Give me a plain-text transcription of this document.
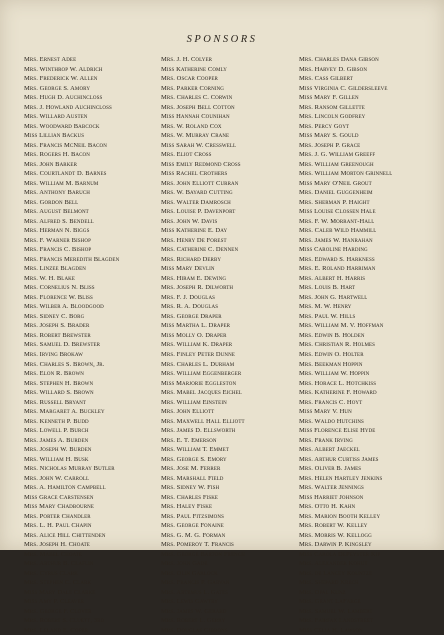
SPONSORS
Mrs. Ernest Adee
Mrs. Winthrop W. Aldrich
Mrs. Frederick W. Allen
Mrs. George S. Amory
Mrs. Hugh D. Auchincloss
Mrs. J. Howland Auchincloss
Mrs. Willard Austen
Mrs. Woodward Babcock
Miss Lillian Backus
Mrs. Francis McNeil Bacon
Mrs. Rogers H. Bacon
Mrs. John Barker
Mrs. Courtlandt D. Barnes
Mrs. William M. Barnum
Mrs. Anthony Baruch
Mrs. Gordon Bell
Mrs. August Belmont
Mrs. Alfred S. Bendell
Mrs. Herman N. Biggs
Mrs. F. Warner Bishop
Mrs. Francis C. Bishop
Mrs. Francis Meredith Blagden
Mrs. Linzee Blagden
Mrs. W. H. Blake
Mrs. Cornelius N. Bliss
Mrs. Florence W. Bliss
Mrs. Wilber A. Bloodgood
Mrs. Sidney C. Borg
Mrs. Joseph S. Brader
Mrs. Robert Brewster
Mrs. Samuel D. Brewster
Mrs. Irving Brokaw
Mrs. Charles S. Brown, Jr.
Mrs. Elon R. Brown
Mrs. Stephen H. Brown
Mrs. Willard S. Brown
Mrs. Russell Bryant
Mrs. Margaret A. Buckley
Mrs. Kenneth P. Budd
Mrs. Lowell P. Burch
Mrs. James A. Burden
Mrs. Joseph W. Burden
Mrs. William H. Busk
Mrs. Nicholas Murray Butler
Mrs. John W. Carroll
Mrs. A. Hamilton Campbell
Miss Grace Carstensen
Miss Mary Chadbourne
Mrs. Porter Chandler
Mrs. L. H. Paul Chapin
Mrs. Alice Hill Chittenden
Mrs. Joseph H. Choate
Mrs. Mabel Choate
Mrs. Arthur B. Claflin
Mrs. Cyrus Clark
Mrs. Stephen C. Clark
Miss Mary Dale Clarke
Miss Amy P. Cleaver
Mrs. George F. Clover
Mrs. Robert S. Cluett, 3rd
Mrs. Leland E. Cofer
Mrs. J. H. Colyer
Miss Katherine Comly
Mrs. Oscar Cooper
Mrs. Parker Corning
Mrs. Charles C. Corwin
Mrs. Joseph Bell Cotton
Miss Hannah Counihan
Mrs. W. Roland Cox
Mrs. W. Murray Crane
Miss Sarah W. Cresswell
Mrs. Eliot Cross
Miss Emily Redmond Cross
Miss Rachel Crothers
Mrs. John Elliott Curran
Mrs. W. Bayard Cutting
Mrs. Walter Damrosch
Mrs. Louise P. Davenport
Mrs. John W. Davis
Miss Katherine E. Day
Mrs. Henry De Forest
Mrs. Catherine C. Dennen
Mrs. Richard Derby
Miss Mary Devlin
Mrs. Hiram E. Dewing
Mrs. Joseph R. Dilworth
Mrs. F. J. Douglas
Mrs. R. A. Douglas
Mrs. George Draper
Miss Martha L. Draper
Miss Molly O. Draper
Mrs. William K. Draper
Mrs. Finley Peter Dunne
Mrs. Charles L. Durham
Mrs. William Eggenberger
Miss Marjorie Eggleston
Mrs. Mabel Jacques Eichel
Mrs. William Einstein
Mrs. John Elliott
Mrs. Maxwell Hall Elliott
Mrs. James D. Ellsworth
Mrs. E. T. Emerson
Mrs. William T. Emmet
Mrs. George S. Emory
Mrs. Jose M. Ferrer
Mrs. Marshall Field
Mrs. Sidney W. Fish
Mrs. Charles Fiske
Mrs. Haley Fiske
Mrs. Paul Fitzsimons
Mrs. George Fonaine
Mrs. G. M. G. Forman
Mrs. Pomeroy T. Francis
Mrs. George Barton French
Mrs. John Gade
Mrs. Olin Garlock
Mrs. Francis P. Garvan
Mrs. Artemus L. Gates
Mrs. Lewis Gawtry
Mrs. James W. Gerard
Mrs. Robert L. Gerry
Mrs. Douglas Gibbons
Mrs. Charles Dana Gibson
Mrs. Harvey D. Gibson
Mrs. Cass Gilbert
Miss Virginia C. Gildersleeve
Miss Mary F. Gillen
Mrs. Ransom Gillette
Mrs. Lincoln Godfrey
Mrs. Percy Goyt
Miss Mary S. Gould
Mrs. Joseph P. Grace
Mrs. J. G. William Greeff
Mrs. William Greenough
Mrs. William Morton Grinnell
Miss Mary O'Neil Grout
Mrs. Daniel Guggenheim
Mrs. Sherman P. Haight
Miss Louise Clossen Hale
Mrs. F. W. Morrant-Hall
Mrs. Caleb Wild Hammill
Mrs. James W. Hanrahan
Miss Caroline Harding
Mrs. Edward S. Harkness
Mrs. E. Roland Harriman
Mrs. Albert H. Harris
Mrs. Louis B. Hart
Mrs. John G. Hartwell
Mrs. M. W. Henry
Mrs. Paul W. Hills
Mrs. William M. V. Hoffman
Mrs. Edwin B. Holden
Mrs. Christian R. Holmes
Mrs. Edwin O. Holter
Mrs. Beekman Hoppin
Mrs. William W. Hoppin
Mrs. Horace L. Hotchkiss
Mrs. Katherine F. Howard
Mrs. Francis C. Hoyt
Miss Mary V. Hun
Mrs. Waldo Hutchins
Miss Florence Elise Hyde
Mrs. Frank Irving
Mrs. Albert Jaeckel
Mrs. Arthur Curtiss James
Mrs. Oliver B. James
Mrs. Helen Hartley Jenkins
Mrs. Walter Jennings
Miss Harriet Johnson
Mrs. Otto H. Kahn
Mrs. Marion Booth Kelley
Mrs. Robert W. Kelley
Mrs. Morris W. Kellogg
Mrs. Darwin P. Kingsley
Miss Carola DePeyster Kip
Mrs. Alexander Kohut
Mrs. de Lancey Kountze
Mrs. Shepard Krech
Mrs. Opal Kunz
Mrs. Grant LaFarge
Mrs. Samuel W. Lambert
Mrs. Fairfax Landstreet
Miss Celia H. Lawson
